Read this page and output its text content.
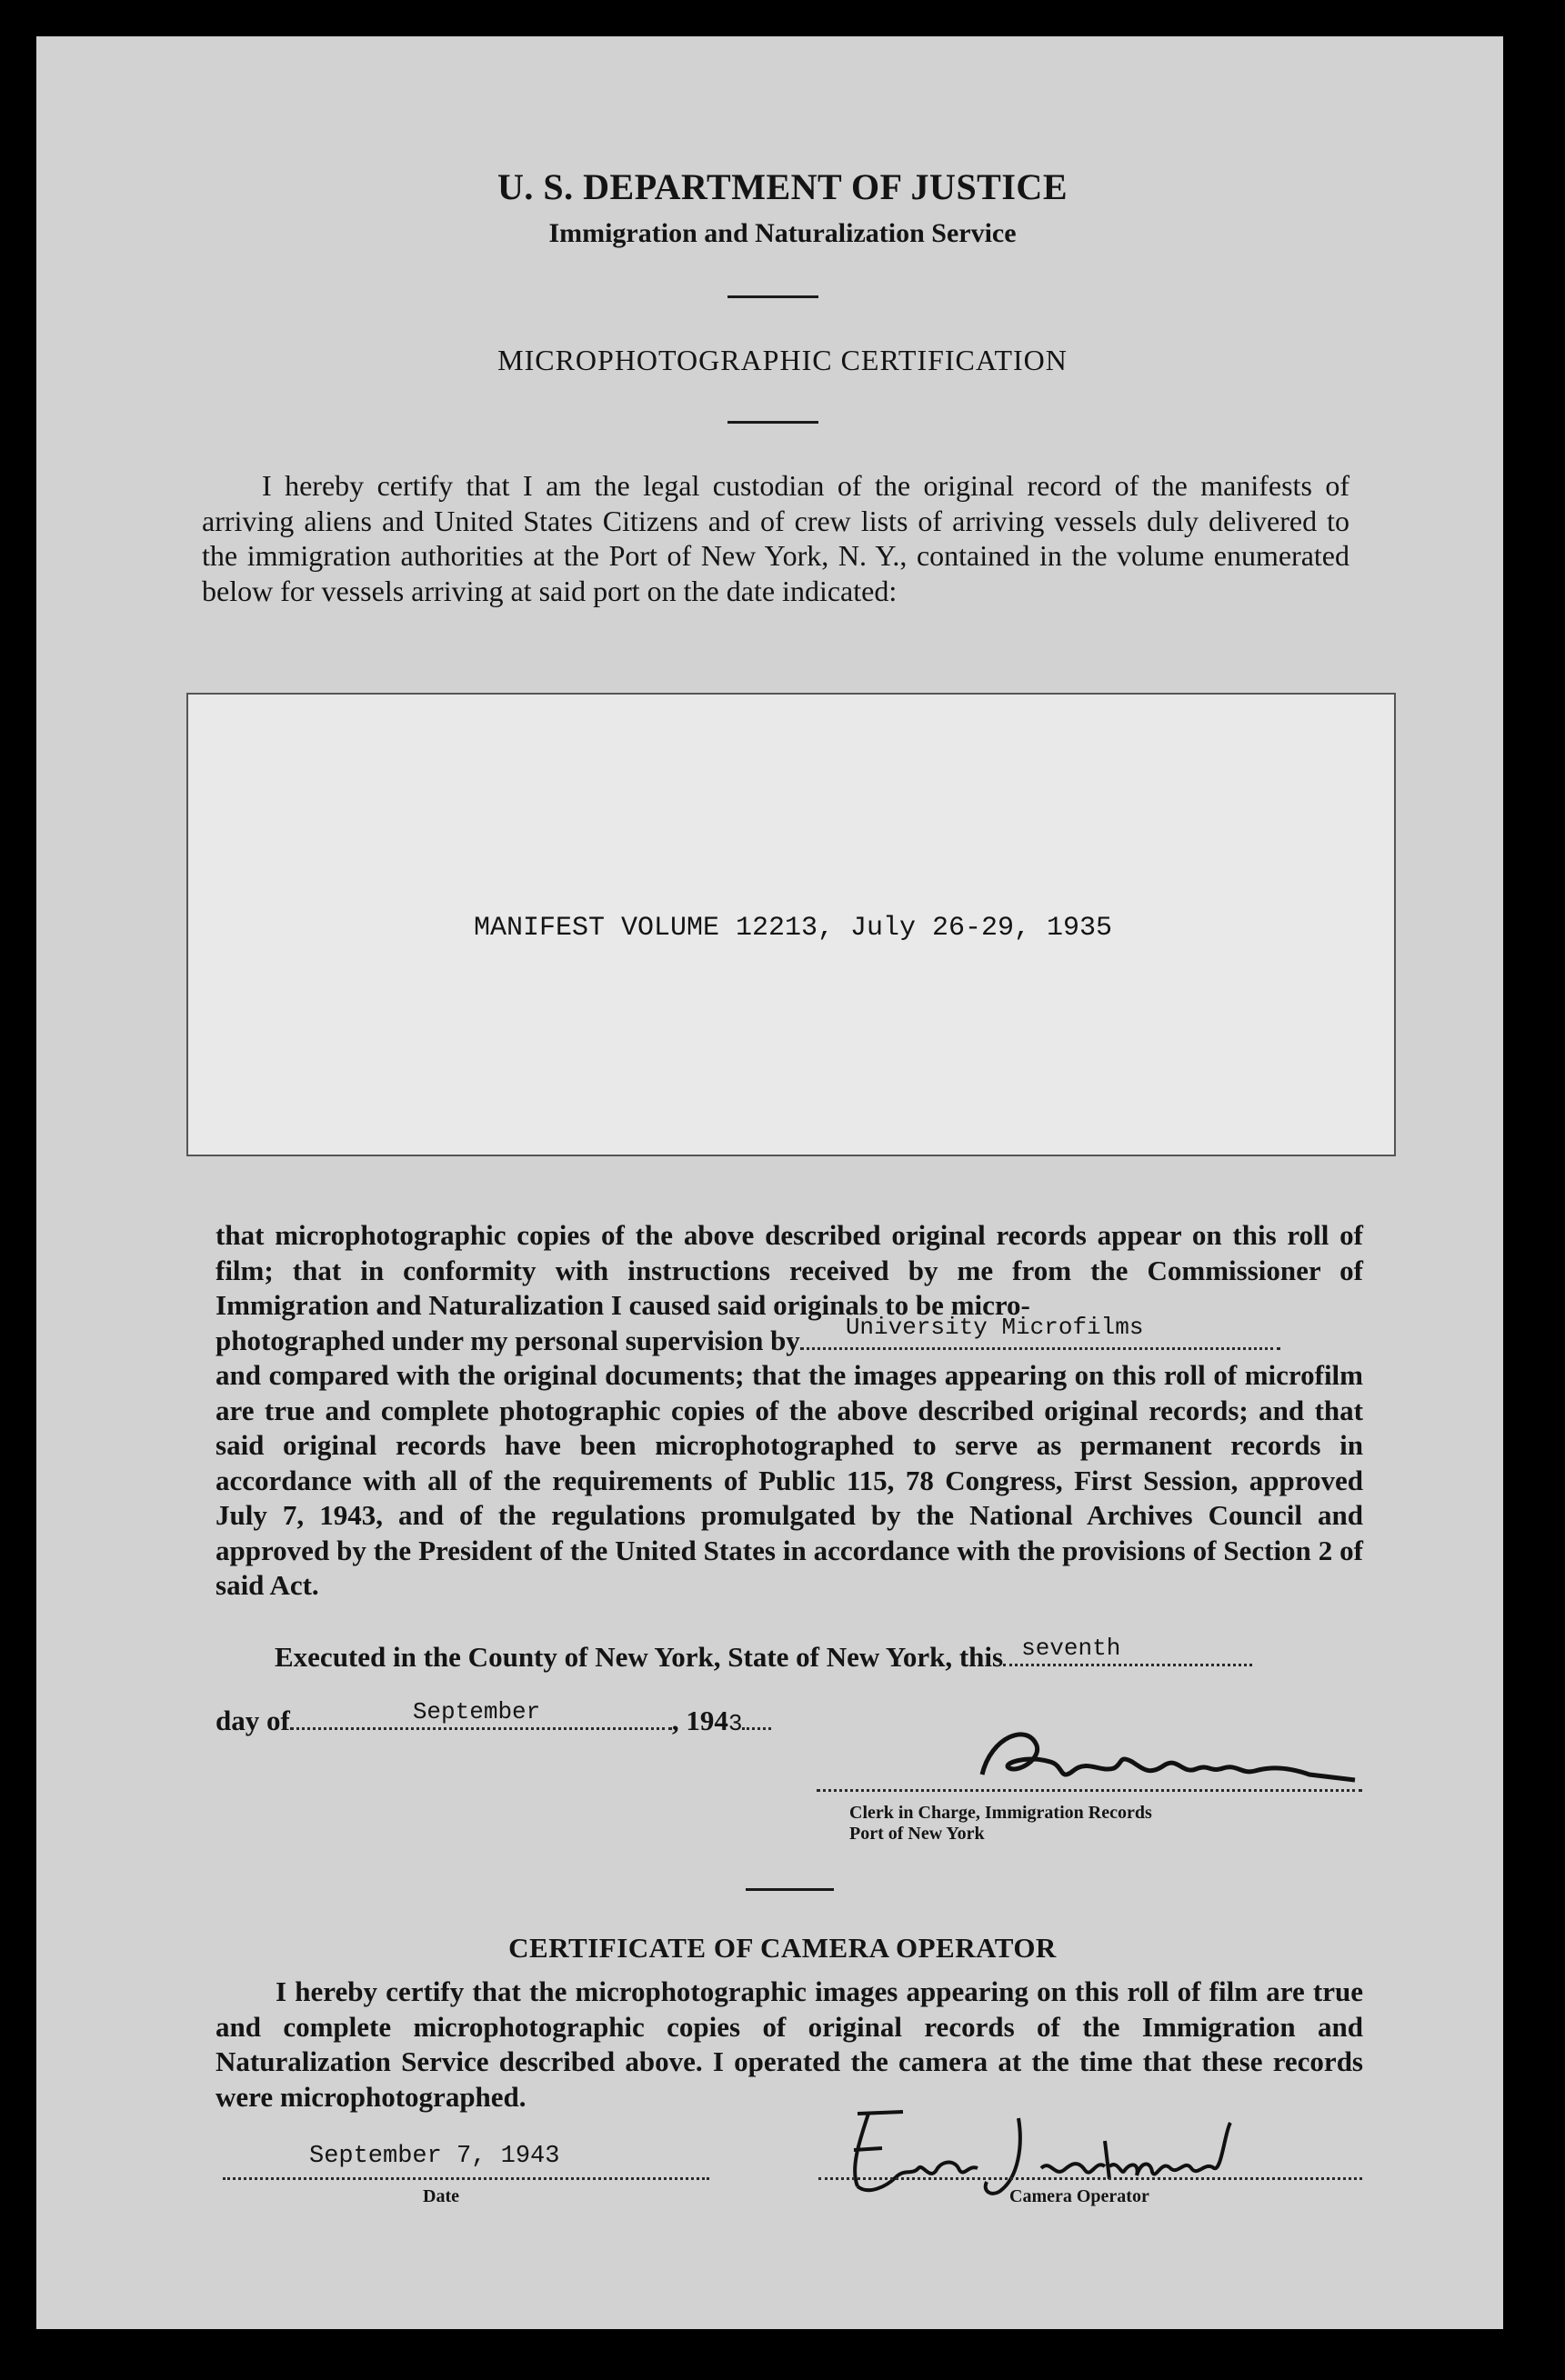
U. S. DEPARTMENT OF JUSTICE
Immigration and Naturalization Service
MICROPHOTOGRAPHIC CERTIFICATION
I hereby certify that I am the legal custodian of the original record of the manifests of arriving aliens and United States Citizens and of crew lists of arriving vessels duly delivered to the immigration authorities at the Port of New York, N. Y., contained in the volume enumerated below for vessels arriving at said port on the date indicated:
MANIFEST VOLUME 12213, July 26-29, 1935
that microphotographic copies of the above described original records appear on this roll of film; that in conformity with instructions received by me from the Commissioner of Immigration and Naturalization I caused said originals to be micro-
photographed under my personal supervision by University Microfilms
and compared with the original documents; that the images appearing on this roll of microfilm are true and complete photographic copies of the above described original records; and that said original records have been microphotographed to serve as permanent records in accordance with all of the requirements of Public 115, 78 Congress, First Session, approved July 7, 1943, and of the regulations promulgated by the National Archives Council and approved by the President of the United States in accordance with the provisions of Section 2 of said Act.
Executed in the County of New York, State of New York, this seventh
day of	September	, 1943
Clerk in Charge, Immigration Records
Port of New York
CERTIFICATE OF CAMERA OPERATOR
I hereby certify that the microphotographic images appearing on this roll of film are true and complete microphotographic copies of original records of the Immigration and Naturalization Service described above. I operated the camera at the time that these records were microphotographed.
September 7, 1943
Date	Camera Operator
